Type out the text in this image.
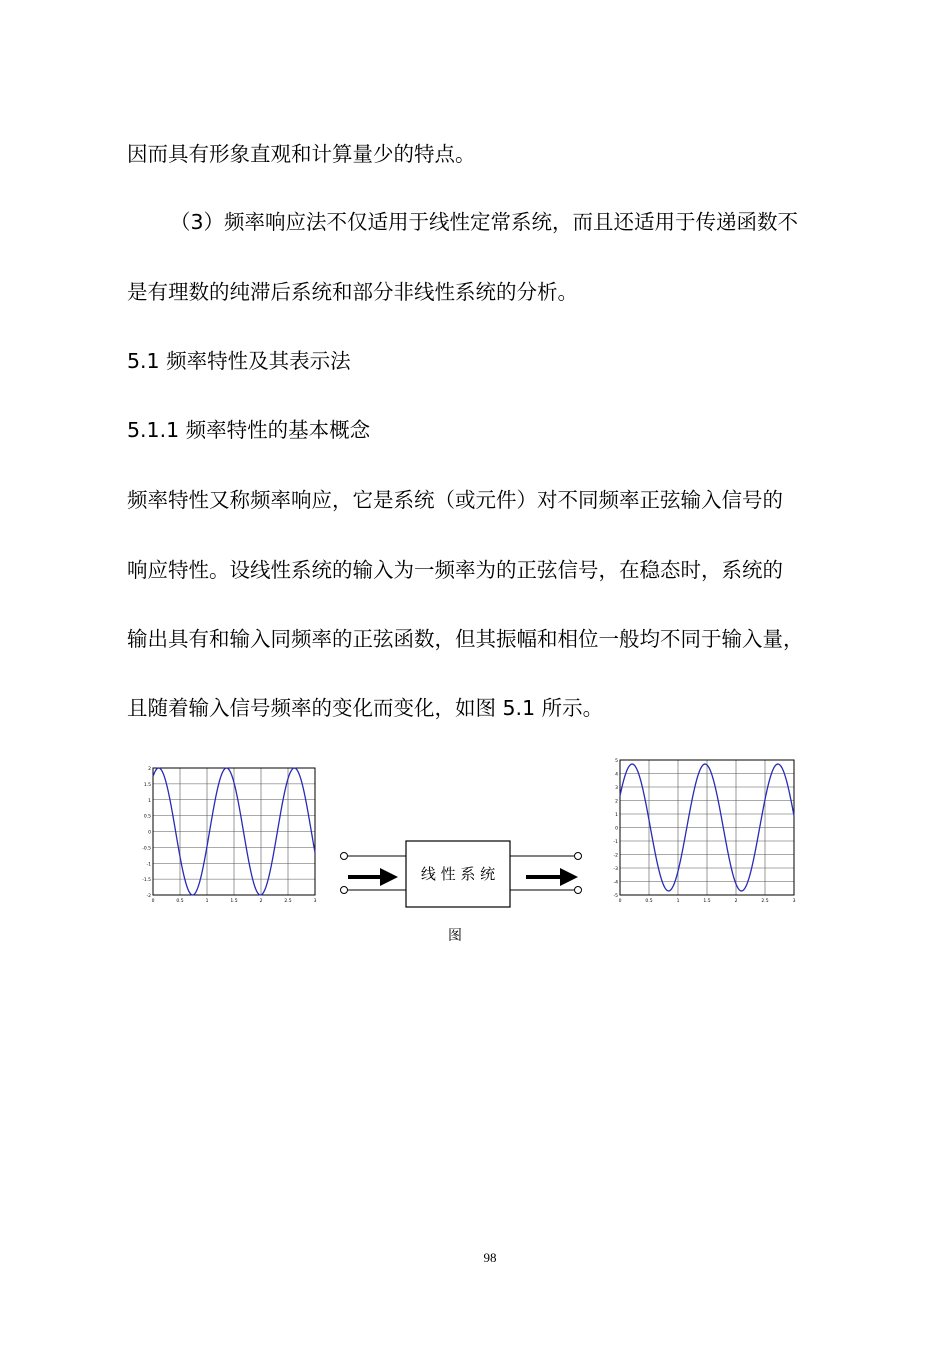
因而具有形象直观和计算量少的特点。
（3）频率响应法不仅适用于线性定常系统，而且还适用于传递函数不
是有理数的纯滞后系统和部分非线性系统的分析。
5.1 频率特性及其表示法
5.1.1 频率特性的基本概念
频率特性又称频率响应，它是系统（或元件）对不同频率正弦输入信号的
响应特性。设线性系统的输入为一频率为的正弦信号，在稳态时，系统的
输出具有和输入同频率的正弦函数，但其振幅和相位一般均不同于输入量，
且随着输入信号频率的变化而变化，如图 5.1 所示。
2
1.5
1
0.5
0
-0.5
-1
-1.5
-2
0	0.5	1	1.5	2	2.5	3
5
4
3
2
1
0
-1
-2
-3
-4
-5
0	0.5	1	1.5	2	2.5	3
线 性 系 统
图
98
